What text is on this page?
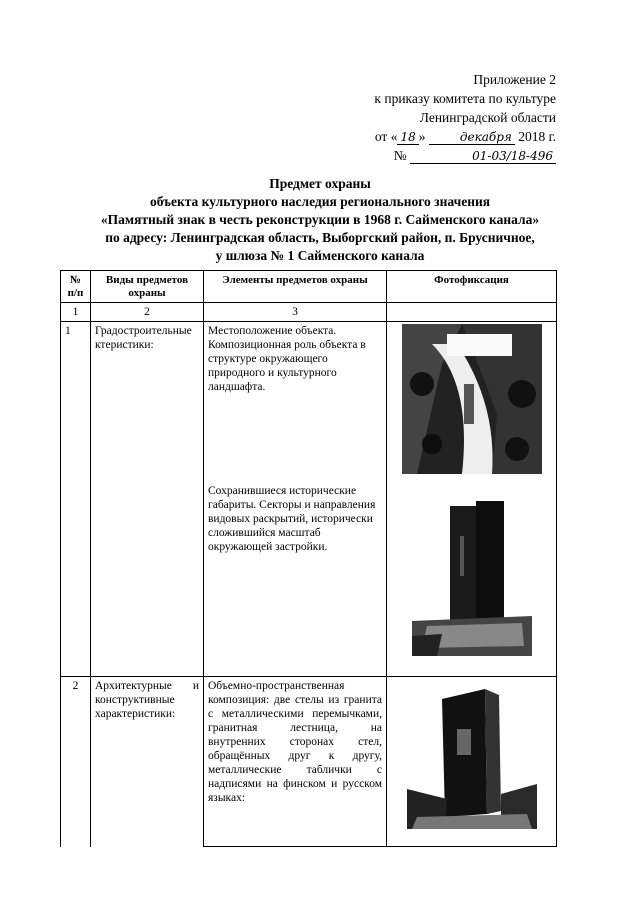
Приложение 2
к приказу комитета по культуре
Ленинградской области
от « 18 »	декабря 2018 г.
№	01-03/18-496
Предмет охраны
объекта культурного наследия регионального значения
«Памятный знак в честь реконструкции в 1968 г. Сайменского канала»
по адресу: Ленинградская область, Выборгский район, п. Брусничное,
у шлюза № 1 Сайменского канала
№ п/п	Виды предметов охраны	Элементы предметов охраны	Фотофиксация
1	2	3	
1	Градостроительные ктеристики:	Местоположение объекта. Композиционная роль объекта в структуре окружающего природного и культурного ландшафта.
Сохранившиеся исторические габариты. Секторы и направления видовых раскрытий, исторически сложившийся масштаб окружающей застройки.

2	Архитектурные и конструктивные характеристики:	Объемно-пространственная композиция: две стелы из гранита с металлическими перемычками, гранитная лестница, на внутренних сторонах стел, обращённых друг к другу, металлические таблички с надписями на финском и русском языках:
